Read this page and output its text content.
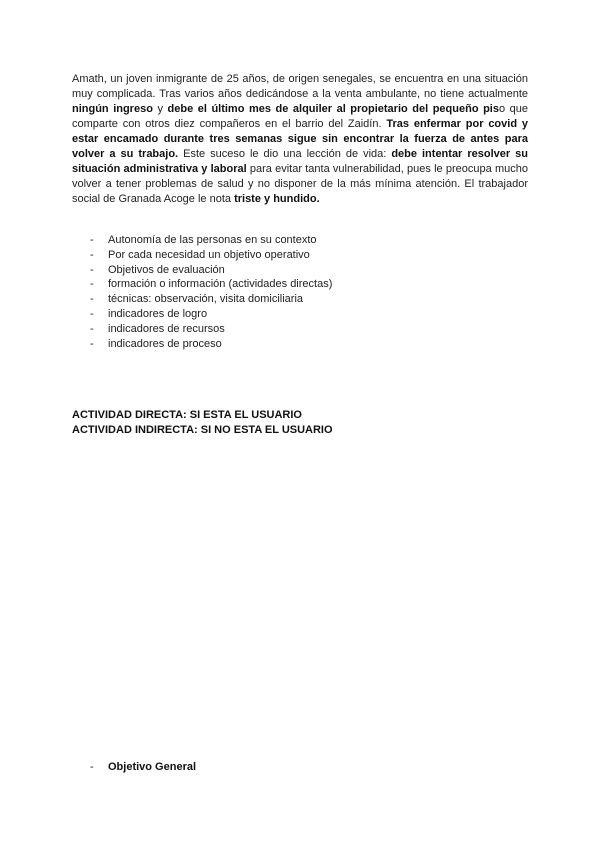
Amath, un joven inmigrante de 25 años, de origen senegales, se encuentra en una situación muy complicada. Tras varios años dedicándose a la venta ambulante, no tiene actualmente ningún ingreso y debe el último mes de alquiler al propietario del pequeño piso que comparte con otros diez compañeros en el barrio del Zaidín. Tras enfermar por covid y estar encamado durante tres semanas sigue sin encontrar la fuerza de antes para volver a su trabajo. Este suceso le dio una lección de vida: debe intentar resolver su situación administrativa y laboral para evitar tanta vulnerabilidad, pues le preocupa mucho volver a tener problemas de salud y no disponer de la más mínima atención. El trabajador social de Granada Acoge le nota triste y hundido.

- Autonomía de las personas en su contexto
- Por cada necesidad un objetivo operativo
- Objetivos de evaluación
- formación o información (actividades directas)
- técnicas: observación, visita domiciliaria
- indicadores de logro
- indicadores de recursos
- indicadores de proceso
ACTIVIDAD DIRECTA: SI ESTA EL USUARIO
ACTIVIDAD INDIRECTA: SI NO ESTA EL USUARIO
- Objetivo General
